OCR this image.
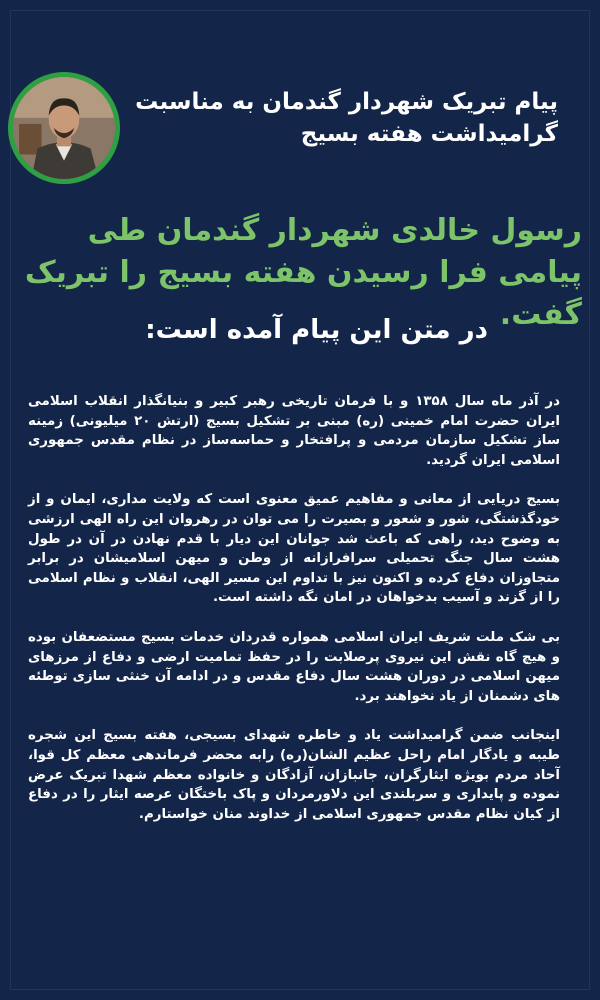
پیام تبریک شهردار گندمان به مناسبت گرامیداشت هفته بسیج
رسول خالدی شهردار گندمان طی پیامی فرا رسیدن هفته بسیج را تبریک گفت.
در متن این پیام آمده است:

در آذر ماه سال ۱۳۵۸ و با فرمان تاریخی رهبر کبیر و بنیانگذار انقلاب اسلامی ایران حضرت امام خمینی (ره) مبنی بر تشکیل بسیج (ارتش ۲۰ میلیونی) زمینه ساز تشکیل سازمان مردمی و پرافتخار و حماسه‌ساز در نظام مقدس جمهوری اسلامی ایران گردید.

بسیج دریایی از معانی و مفاهیم عمیق معنوی است که ولایت مداری، ایمان و از خودگذشتگی، شور و شعور و بصیرت را می توان در رهروان این راه الهی ارزشی به وضوح دید، راهی که باعث شد جوانان این دیار با قدم نهادن در آن در طول هشت سال جنگ تحمیلی سرافرازانه از وطن و میهن اسلامیشان در برابر متجاوزان دفاع کرده و اکنون نیز با تداوم این مسیر الهی، انقلاب و نظام اسلامی را از گزند و آسیب بدخواهان در امان نگه داشته است.

بی شک ملت شریف ایران اسلامی همواره قدردان خدمات بسیج مستضعفان بوده و هیچ گاه نقش این نیروی پرصلابت را در حفظ تمامیت ارضی و دفاع از مرزهای میهن اسلامی در دوران هشت سال دفاع مقدس و در ادامه آن خنثی سازی توطئه های دشمنان از یاد نخواهند برد.

اینجانب ضمن گرامیداشت یاد و خاطره شهدای بسیجی، هفته بسیج این شجره طیبه و یادگار امام راحل عظیم الشان(ره) رابه محضر فرماندهی معظم کل قوا، آحاد مردم بویژه ایثارگران، جانبازان، آزادگان و خانواده معظم شهدا تبریک عرض نموده و پایداری و سربلندی این دلاورمردان و پاک باختگان عرصه ایثار را در دفاع از کیان نظام مقدس جمهوری اسلامی از خداوند منان خواستارم.
